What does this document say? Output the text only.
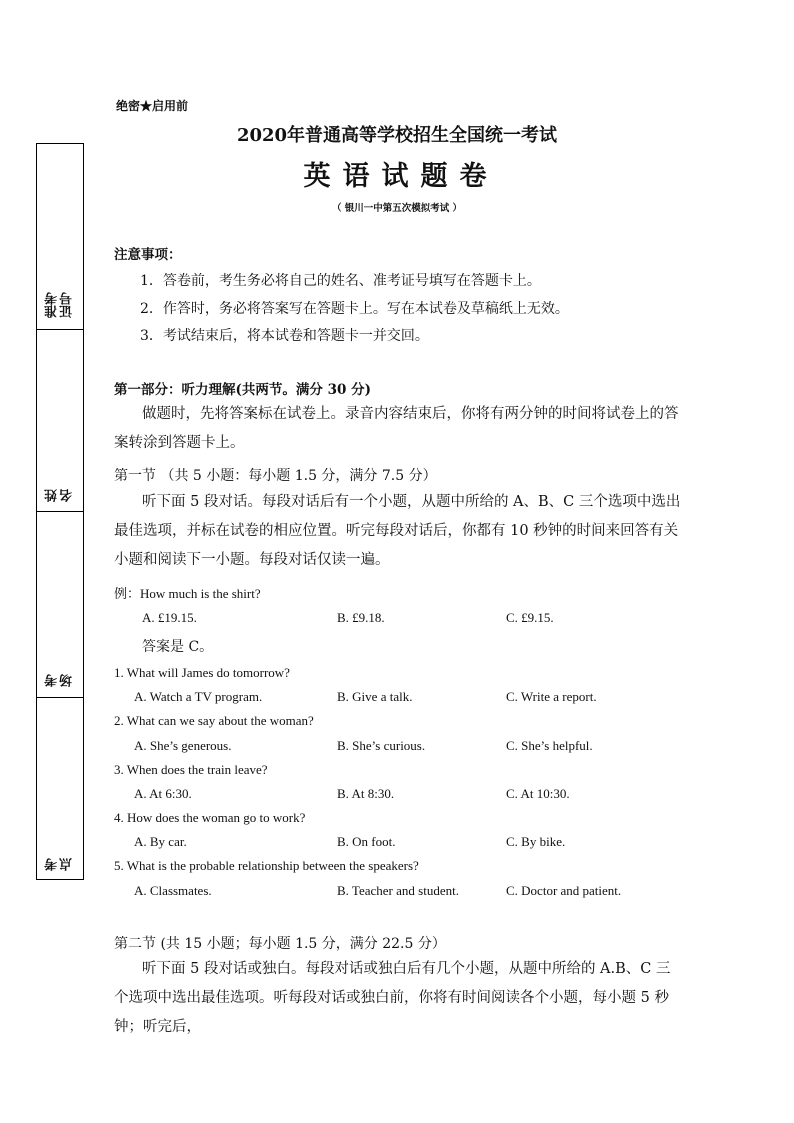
准考
证号
姓
名
考
场
考
点
绝密★启用前
2020年普通高等学校招生全国统一考试
英语试题卷
（ 银川一中第五次模拟考试 ）
注意事项：
1．答卷前，考生务必将自己的姓名、准考证号填写在答题卡上。
2．作答时，务必将答案写在答题卡上。写在本试卷及草稿纸上无效。
3．考试结束后，将本试卷和答题卡一并交回。
第一部分：听力理解(共两节。满分 30 分)
做题时，先将答案标在试卷上。录音内容结束后，你将有两分钟的时间将试卷上的答案转涂到答题卡上。
第一节 （共 5 小题：每小题 1.5 分，满分 7.5 分）
听下面 5 段对话。每段对话后有一个小题，从题中所给的 A、B、C 三个选项中选出最佳选项，并标在试卷的相应位置。听完每段对话后，你都有 10 秒钟的时间来回答有关小题和阅读下一小题。每段对话仅读一遍。
例：How much is the shirt?
A. £19.15.	B. £9.18.	C. £9.15.
答案是 C。
1. What will James do tomorrow?
A. Watch a TV program.	B. Give a talk.	C. Write a report.
2. What can we say about the woman?
A. She’s generous.	B. She’s curious.	C. She’s helpful.
3. When does the train leave?
A. At 6:30.	B. At 8:30.	C. At 10:30.
4. How does the woman go to work?
A. By car.	B. On foot.	C. By bike.
5. What is the probable relationship between the speakers?
A. Classmates.	B. Teacher and student.	C. Doctor and patient.
第二节 (共 15 小题；每小题 1.5 分，满分 22.5 分）
听下面 5 段对话或独白。每段对话或独白后有几个小题，从题中所给的 A.B、C 三个选项中选出最佳选项。听每段对话或独白前，你将有时间阅读各个小题，每小题 5 秒钟；听完后，
